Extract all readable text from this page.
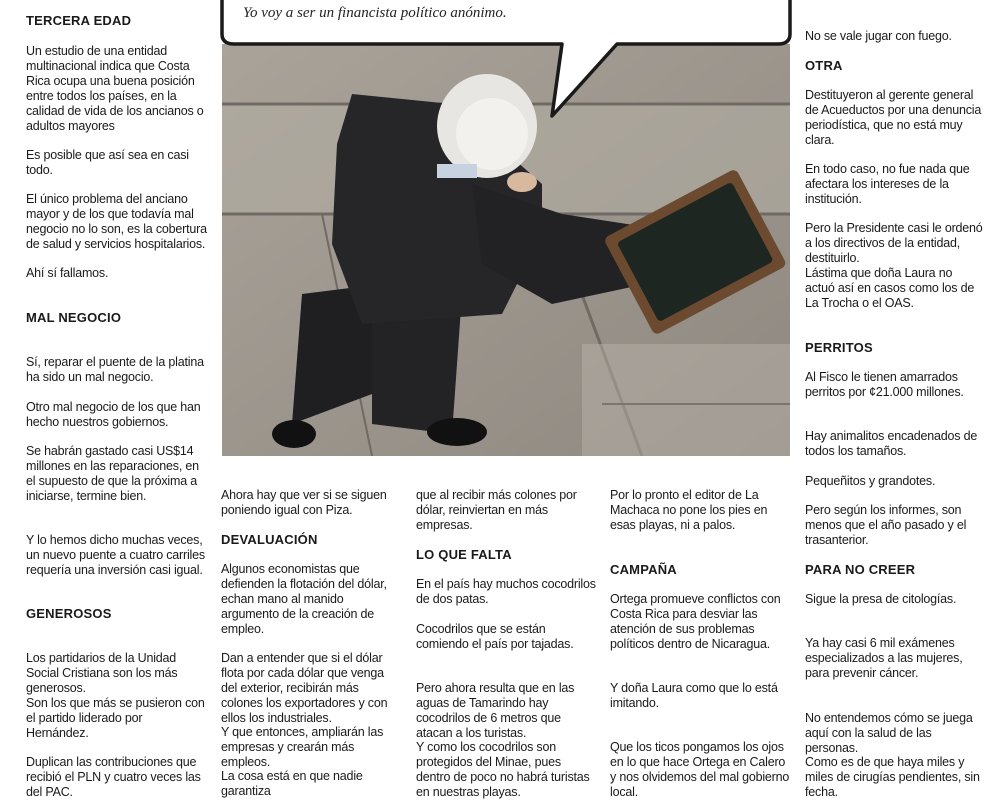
TERCERA EDAD

Un estudio de una entidad multinacional indica que Costa Rica ocupa una buena posición entre todos los países, en la calidad de vida de los ancianos o adultos mayores

Es posible que así sea en casi todo.

El único problema del anciano mayor y de los que todavía mal negocio no lo son, es la cobertura de salud y servicios hospitalarios.

Ahí sí fallamos.

MAL NEGOCIO

Sí, reparar el puente de la platina ha sido un mal negocio.

Otro mal negocio de los que han hecho nuestros gobiernos.

Se habrán gastado casi US$14 millones en las reparaciones, en el supuesto de que la próxima a iniciarse, termine bien.

Y lo hemos dicho muchas veces, un nuevo puente a cuatro carriles requería una inversión casi igual.

GENEROSOS

Los partidarios de la Unidad Social Cristiana son los más generosos.

Son los que más se pusieron con el partido liderado por Hernández.

Duplican las contribuciones que recibió el PLN y cuatro veces las del PAC.

Yo voy a ser un financista político anónimo.

Ahora hay que ver si se siguen poniendo igual con Piza.

DEVALUACIÓN

Algunos economistas que defienden la flotación del dólar, echan mano al manido argumento de la creación de empleo.

Dan a entender que si el dólar flota por cada dólar que venga del exterior, recibirán más colones los exportadores y con ellos los industriales.

Y que entonces, ampliarán las empresas y crearán más empleos.

La cosa está en que nadie garantiza

que al recibir más colones por dólar, reinviertan en más empresas.

LO QUE FALTA

En el país hay muchos cocodrilos de dos patas.

Cocodrilos que se están comiendo el país por tajadas.

Pero ahora resulta que en las aguas de Tamarindo hay cocodrilos de 6 metros que atacan a los turistas.

Y como los cocodrilos son protegidos del Minae, pues dentro de poco no habrá turistas en nuestras playas.

Por lo pronto el editor de La Machaca no pone los pies en esas playas, ni a palos.

CAMPAÑA

Ortega promueve conflictos con Costa Rica para desviar las atención de sus problemas políticos dentro de Nicaragua.

Y doña Laura como que lo está imitando.

Que los ticos pongamos los ojos en lo que hace Ortega en Calero y nos olvidemos del mal gobierno local.

No se vale jugar con fuego.

OTRA

Destituyeron al gerente general de Acueductos por una denuncia periodística, que no está muy clara.

En todo caso, no fue nada que afectara los intereses de la institución.

Pero la Presidente casi le ordenó a los directivos de la entidad, destituirlo.

Lástima que doña Laura no actuó así en casos como los de La Trocha o el OAS.

PERRITOS

Al Fisco le tienen amarrados perritos por ¢21.000 millones.

Hay animalitos encadenados de todos los tamaños.

Pequeñitos y grandotes.

Pero según los informes, son menos que el año pasado y el trasanterior.

PARA NO CREER

Sigue la presa de citologías.

Ya hay casi 6 mil exámenes especializados a las mujeres, para prevenir cáncer.

No entendemos cómo se juega aquí con la salud de las personas.

Como es de que haya miles y miles de cirugías pendientes, sin fecha.
